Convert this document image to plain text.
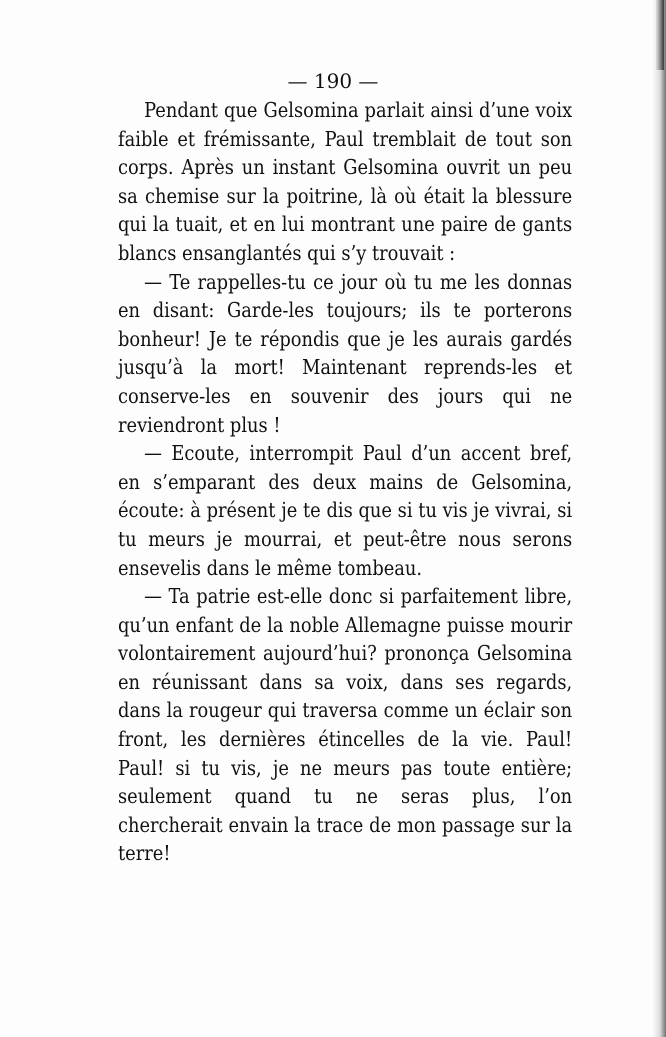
— 190 —

Pendant que Gelsomina parlait ainsi d’une voix faible et frémissante, Paul tremblait de tout son corps. Après un instant Gelsomina ouvrit un peu sa chemise sur la poitrine, là où était la blessure qui la tuait, et en lui montrant une paire de gants blancs ensanglantés qui s’y trouvait :

— Te rappelles-tu ce jour où tu me les donnas en disant: Garde-les toujours; ils te porterons bonheur! Je te répondis que je les aurais gardés jusqu’à la mort! Maintenant reprends-les et conserve-les en souvenir des jours qui ne reviendront plus !

— Ecoute, interrompit Paul d’un accent bref, en s’emparant des deux mains de Gelsomina, écoute: à présent je te dis que si tu vis je vivrai, si tu meurs je mourrai, et peut-être nous serons ensevelis dans le même tombeau.

— Ta patrie est-elle donc si parfaitement libre, qu’un enfant de la noble Allemagne puisse mourir volontairement aujourd’hui? prononça Gelsomina en réunissant dans sa voix, dans ses regards, dans la rougeur qui traversa comme un éclair son front, les dernières étincelles de la vie. Paul! Paul! si tu vis, je ne meurs pas toute entière; seulement quand tu ne seras plus, l’on chercherait envain la trace de mon passage sur la terre!
